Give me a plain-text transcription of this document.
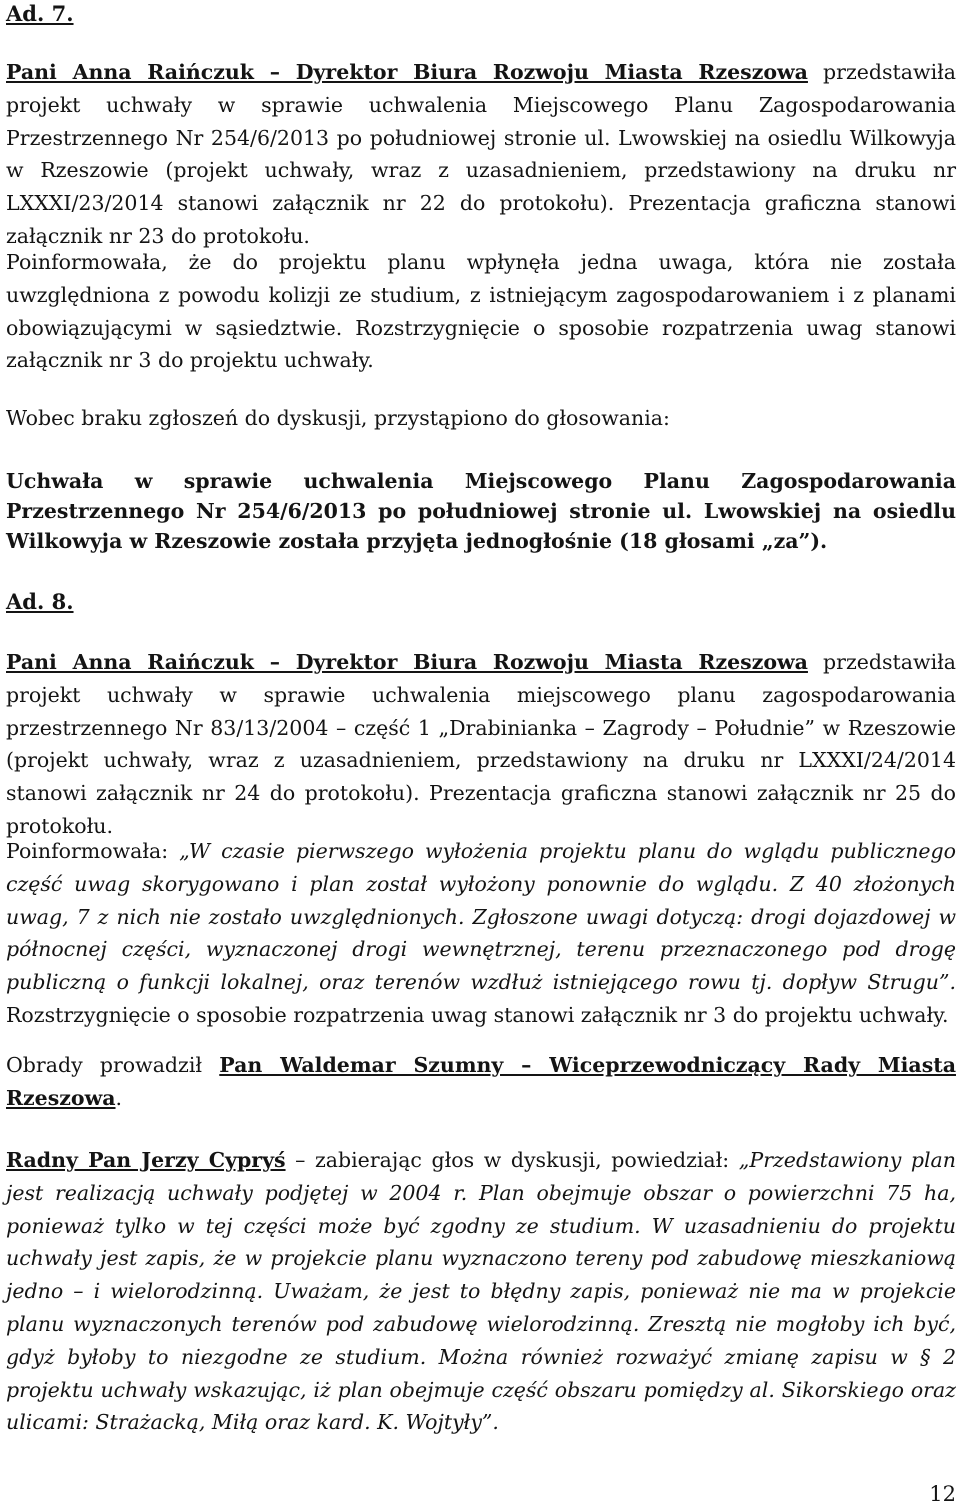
Ad. 7.

Pani Anna Raińczuk – Dyrektor Biura Rozwoju Miasta Rzeszowa przedstawiła projekt uchwały w sprawie uchwalenia Miejscowego Planu Zagospodarowania Przestrzennego Nr 254/6/2013 po południowej stronie ul. Lwowskiej na osiedlu Wilkowyja w Rzeszowie (projekt uchwały, wraz z uzasadnieniem, przedstawiony na druku nr LXXXI/23/2014 stanowi załącznik nr 22 do protokołu). Prezentacja graficzna stanowi załącznik nr 23 do protokołu.

Poinformowała, że do projektu planu wpłynęła jedna uwaga, która nie została uwzględniona z powodu kolizji ze studium, z istniejącym zagospodarowaniem i z planami obowiązującymi w sąsiedztwie. Rozstrzygnięcie o sposobie rozpatrzenia uwag stanowi załącznik nr 3 do projektu uchwały.

Wobec braku zgłoszeń do dyskusji, przystąpiono do głosowania:

Uchwała w sprawie uchwalenia Miejscowego Planu Zagospodarowania Przestrzennego Nr 254/6/2013 po południowej stronie ul. Lwowskiej na osiedlu Wilkowyja w Rzeszowie została przyjęta jednogłośnie (18 głosami „za”).

Ad. 8.

Pani Anna Raińczuk – Dyrektor Biura Rozwoju Miasta Rzeszowa przedstawiła projekt uchwały w sprawie uchwalenia miejscowego planu zagospodarowania przestrzennego Nr 83/13/2004 – część 1 „Drabinianka – Zagrody – Południe” w Rzeszowie (projekt uchwały, wraz z uzasadnieniem, przedstawiony na druku nr LXXXI/24/2014 stanowi załącznik nr 24 do protokołu). Prezentacja graficzna stanowi załącznik nr 25 do protokołu.

Poinformowała: „W czasie pierwszego wyłożenia projektu planu do wglądu publicznego część uwag skorygowano i plan został wyłożony ponownie do wglądu. Z 40 złożonych uwag, 7 z nich nie zostało uwzględnionych. Zgłoszone uwagi dotyczą: drogi dojazdowej w północnej części, wyznaczonej drogi wewnętrznej, terenu przeznaczonego pod drogę publiczną o funkcji lokalnej, oraz terenów wzdłuż istniejącego rowu tj. dopływ Strugu”. Rozstrzygnięcie o sposobie rozpatrzenia uwag stanowi załącznik nr 3 do projektu uchwały.

Obrady prowadził Pan Waldemar Szumny – Wiceprzewodniczący Rady Miasta Rzeszowa.

Radny Pan Jerzy Cypryś – zabierając głos w dyskusji, powiedział: „Przedstawiony plan jest realizacją uchwały podjętej w 2004 r. Plan obejmuje obszar o powierzchni 75 ha, ponieważ tylko w tej części może być zgodny ze studium. W uzasadnieniu do projektu uchwały jest zapis, że w projekcie planu wyznaczono tereny pod zabudowę mieszkaniową jedno – i wielorodzinną. Uważam, że jest to błędny zapis, ponieważ nie ma w projekcie planu wyznaczonych terenów pod zabudowę wielorodzinną. Zresztą nie mogłoby ich być, gdyż byłoby to niezgodne ze studium. Można również rozważyć zmianę zapisu w § 2 projektu uchwały wskazując, iż plan obejmuje część obszaru pomiędzy al. Sikorskiego oraz ulicami: Strażacką, Miłą oraz kard. K. Wojtyły”.

12
